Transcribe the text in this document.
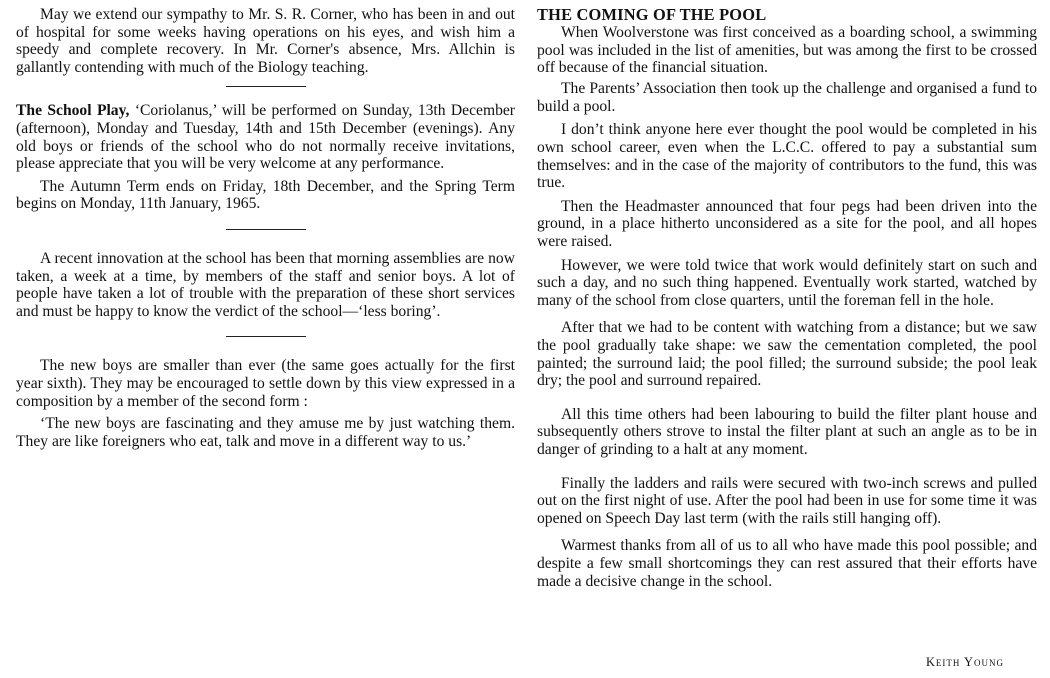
May we extend our sympathy to Mr. S. R. Corner, who has been in and out of hospital for some weeks having operations on his eyes, and wish him a speedy and complete recovery. In Mr. Corner's absence, Mrs. Allchin is gallantly contending with much of the Biology teaching.

The School Play, ‘Coriolanus,’ will be performed on Sunday, 13th December (afternoon), Monday and Tuesday, 14th and 15th December (evenings). Any old boys or friends of the school who do not normally receive invitations, please appreciate that you will be very welcome at any performance.

The Autumn Term ends on Friday, 18th December, and the Spring Term begins on Monday, 11th January, 1965.

A recent innovation at the school has been that morning assemblies are now taken, a week at a time, by members of the staff and senior boys. A lot of people have taken a lot of trouble with the preparation of these short services and must be happy to know the verdict of the school—‘less boring’.

The new boys are smaller than ever (the same goes actually for the first year sixth). They may be encouraged to settle down by this view expressed in a composition by a member of the second form :

‘The new boys are fascinating and they amuse me by just watching them. They are like foreigners who eat, talk and move in a different way to us.’

THE COMING OF THE POOL

When Woolverstone was first conceived as a boarding school, a swimming pool was included in the list of amenities, but was among the first to be crossed off because of the financial situation.

The Parents’ Association then took up the challenge and organised a fund to build a pool.

I don’t think anyone here ever thought the pool would be completed in his own school career, even when the L.C.C. offered to pay a substantial sum themselves: and in the case of the majority of contributors to the fund, this was true.

Then the Headmaster announced that four pegs had been driven into the ground, in a place hitherto unconsidered as a site for the pool, and all hopes were raised.

However, we were told twice that work would definitely start on such and such a day, and no such thing happened. Eventually work started, watched by many of the school from close quarters, until the foreman fell in the hole.

After that we had to be content with watching from a distance; but we saw the pool gradually take shape: we saw the cementation completed, the pool painted; the surround laid; the pool filled; the surround subside; the pool leak dry; the pool and surround repaired.

All this time others had been labouring to build the filter plant house and subsequently others strove to instal the filter plant at such an angle as to be in danger of grinding to a halt at any moment.

Finally the ladders and rails were secured with two-inch screws and pulled out on the first night of use. After the pool had been in use for some time it was opened on Speech Day last term (with the rails still hanging off).

Warmest thanks from all of us to all who have made this pool possible; and despite a few small shortcomings they can rest assured that their efforts have made a decisive change in the school.

Keith Young
